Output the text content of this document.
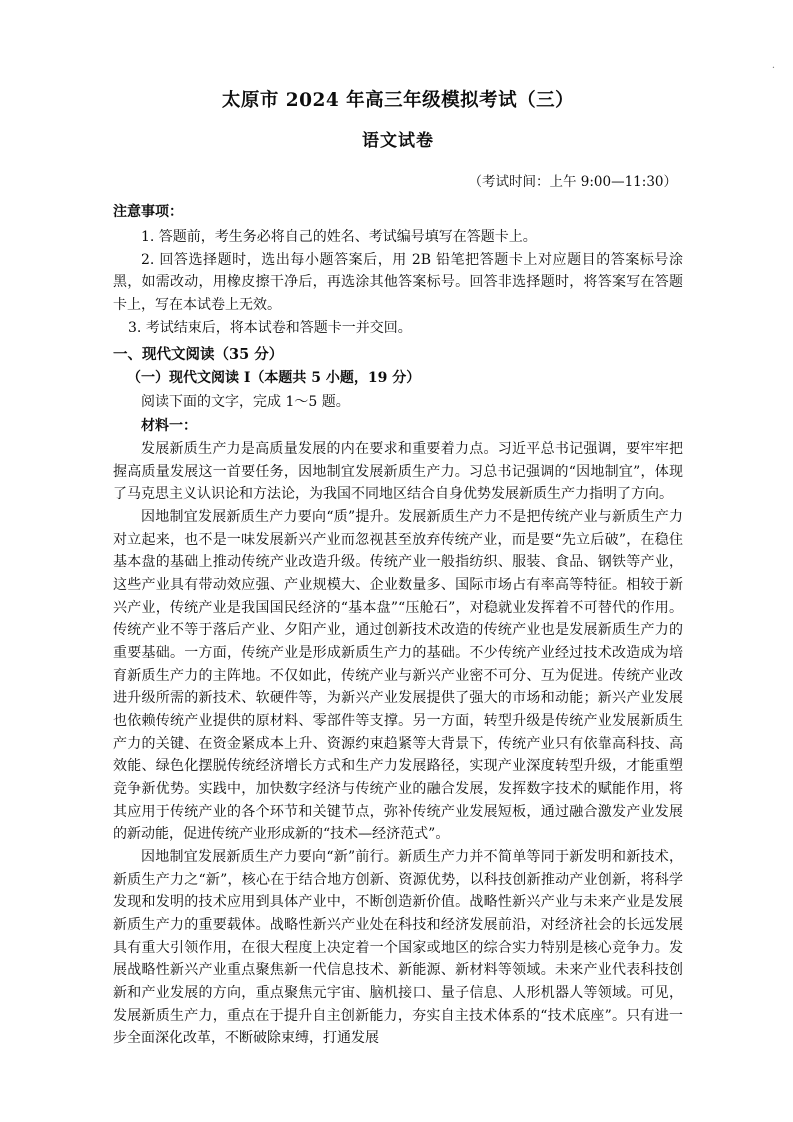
·
太原市 2024 年高三年级模拟考试（三）
语文试卷
（考试时间：上午 9:00—11:30）
注意事项：

1. 答题前，考生务必将自己的姓名、考试编号填写在答题卡上。

2. 回答选择题时，选出每小题答案后，用 2B 铅笔把答题卡上对应题目的答案标号涂黑，如需改动，用橡皮擦干净后，再选涂其他答案标号。回答非选择题时，将答案写在答题卡上，写在本试卷上无效。

3. 考试结束后，将本试卷和答题卡一并交回。

一、现代文阅读（35 分）
（一）现代文阅读 I（本题共 5 小题，19 分）

阅读下面的文字，完成 1～5 题。

材料一：

发展新质生产力是高质量发展的内在要求和重要着力点。习近平总书记强调，要牢牢把握高质量发展这一首要任务，因地制宜发展新质生产力。习总书记强调的“因地制宜”，体现了马克思主义认识论和方法论，为我国不同地区结合自身优势发展新质生产力指明了方向。

因地制宜发展新质生产力要向“质”提升。发展新质生产力不是把传统产业与新质生产力对立起来，也不是一味发展新兴产业而忽视甚至放弃传统产业，而是要“先立后破”，在稳住基本盘的基础上推动传统产业改造升级。传统产业一般指纺织、服装、食品、钢铁等产业，这些产业具有带动效应强、产业规模大、企业数量多、国际市场占有率高等特征。相较于新兴产业，传统产业是我国国民经济的“基本盘”“压舱石”，对稳就业发挥着不可替代的作用。传统产业不等于落后产业、夕阳产业，通过创新技术改造的传统产业也是发展新质生产力的重要基础。一方面，传统产业是形成新质生产力的基础。不少传统产业经过技术改造成为培育新质生产力的主阵地。不仅如此，传统产业与新兴产业密不可分、互为促进。传统产业改进升级所需的新技术、软硬件等，为新兴产业发展提供了强大的市场和动能；新兴产业发展也依赖传统产业提供的原材料、零部件等支撑。另一方面，转型升级是传统产业发展新质生产力的关键、在资金紧成本上升、资源约束趋紧等大背景下，传统产业只有依靠高科技、高效能、绿色化摆脱传统经济增长方式和生产力发展路径，实现产业深度转型升级，才能重塑竞争新优势。实践中，加快数字经济与传统产业的融合发展，发挥数字技术的赋能作用，将其应用于传统产业的各个环节和关键节点，弥补传统产业发展短板，通过融合激发产业发展的新动能，促进传统产业形成新的“技术—经济范式”。

因地制宜发展新质生产力要向“新”前行。新质生产力并不简单等同于新发明和新技术，新质生产力之“新”，核心在于结合地方创新、资源优势，以科技创新推动产业创新，将科学发现和发明的技术应用到具体产业中，不断创造新价值。战略性新兴产业与未来产业是发展新质生产力的重要载体。战略性新兴产业处在科技和经济发展前沿，对经济社会的长远发展具有重大引领作用，在很大程度上决定着一个国家或地区的综合实力特别是核心竞争力。发展战略性新兴产业重点聚焦新一代信息技术、新能源、新材料等领域。未来产业代表科技创新和产业发展的方向，重点聚焦元宇宙、脑机接口、量子信息、人形机器人等领域。可见，发展新质生产力，重点在于提升自主创新能力，夯实自主技术体系的“技术底座”。只有进一步全面深化改革，不断破除束缚，打通发展
